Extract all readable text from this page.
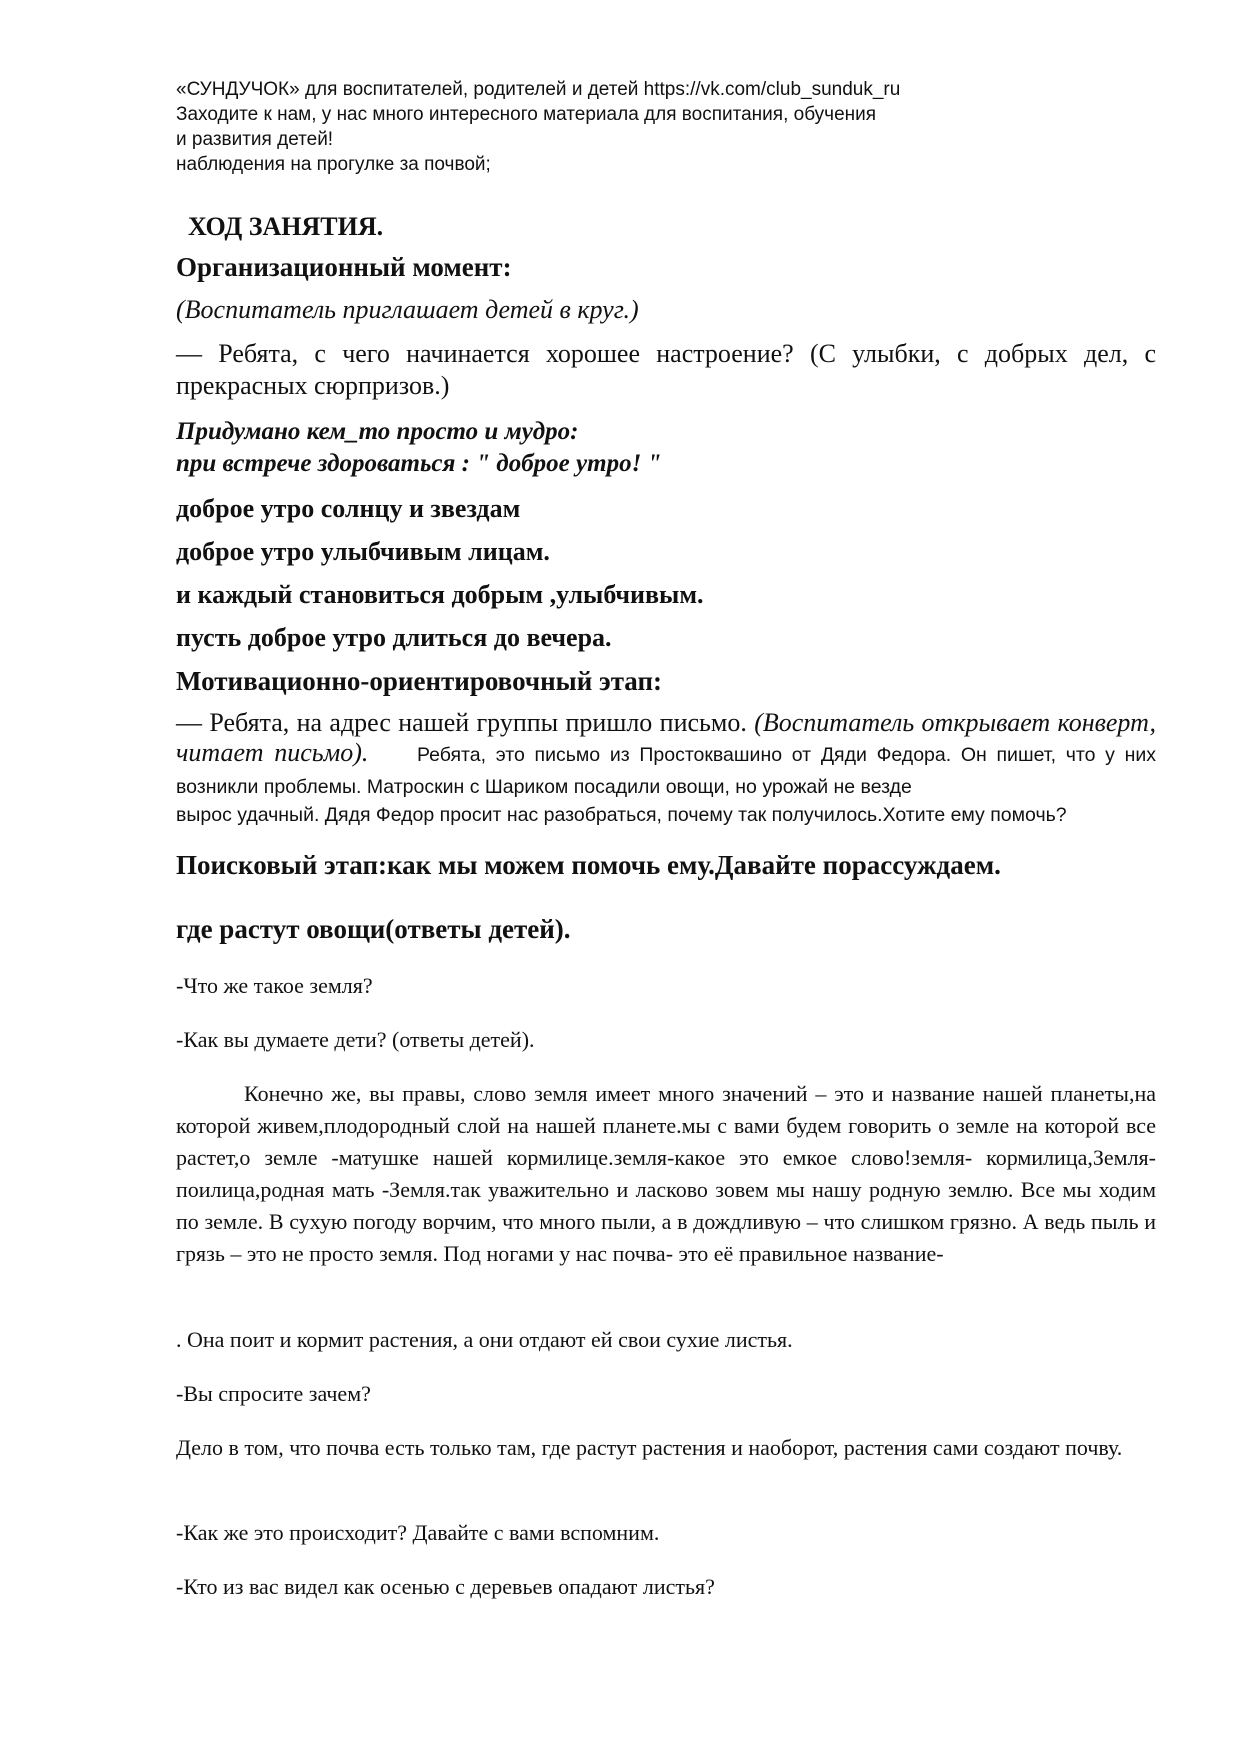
«СУНДУЧОК» для воспитателей, родителей и детей https://vk.com/club_sunduk_ru

Заходите к нам, у нас много интересного материала для воспитания, обучения

и развития детей!

наблюдения на прогулке за почвой;

ХОД ЗАНЯТИЯ.

Организационный момент:

(Воспитатель приглашает детей в круг.)

— Ребята, с чего начинается хорошее настроение? (С улыбки, с добрых дел, с прекрасных сюрпризов.)

Придумано кем_то просто и мудро:

при встрече здороваться : " доброе утро! "

доброе утро солнцу и звездам

доброе утро улыбчивым лицам.

и каждый становиться добрым ,улыбчивым.

пусть доброе утро длиться до вечера.

Мотивационно-ориентировочный этап:

— Ребята, на адрес нашей группы пришло письмо. (Воспитатель открывает конверт, читает письмо). Ребята, это письмо из Простоквашино от Дяди Федора. Он пишет, что у них возникли проблемы. Матроскин с Шариком посадили овощи, но урожай не везде

вырос удачный. Дядя Федор просит нас разобраться, почему так получилось.Хотите ему помочь?

Поисковый этап:как мы можем помочь ему.Давайте порассуждаем.

где растут овощи(ответы детей).

-Что же такое земля?

-Как вы думаете дети? (ответы детей).

Конечно же, вы правы, слово земля имеет много значений – это и название нашей планеты,на которой живем,плодородный слой на нашей планете.мы с вами будем говорить о земле на которой все растет,о земле -матушке нашей кормилице.земля-какое это емкое слово!земля- кормилица,Земля-поилица,родная мать -Земля.так уважительно и ласково зовем мы нашу родную землю. Все мы ходим по земле. В сухую погоду ворчим, что много пыли, а в дождливую – что слишком грязно. А ведь пыль и грязь – это не просто земля. Под ногами у нас почва- это её правильное название-

. Она поит и кормит растения, а они отдают ей свои сухие листья.

-Вы спросите зачем?

Дело в том, что почва есть только там, где растут растения и наоборот, растения сами создают почву.

-Как же это происходит? Давайте с вами вспомним.

-Кто из вас видел как осенью с деревьев опадают листья?
